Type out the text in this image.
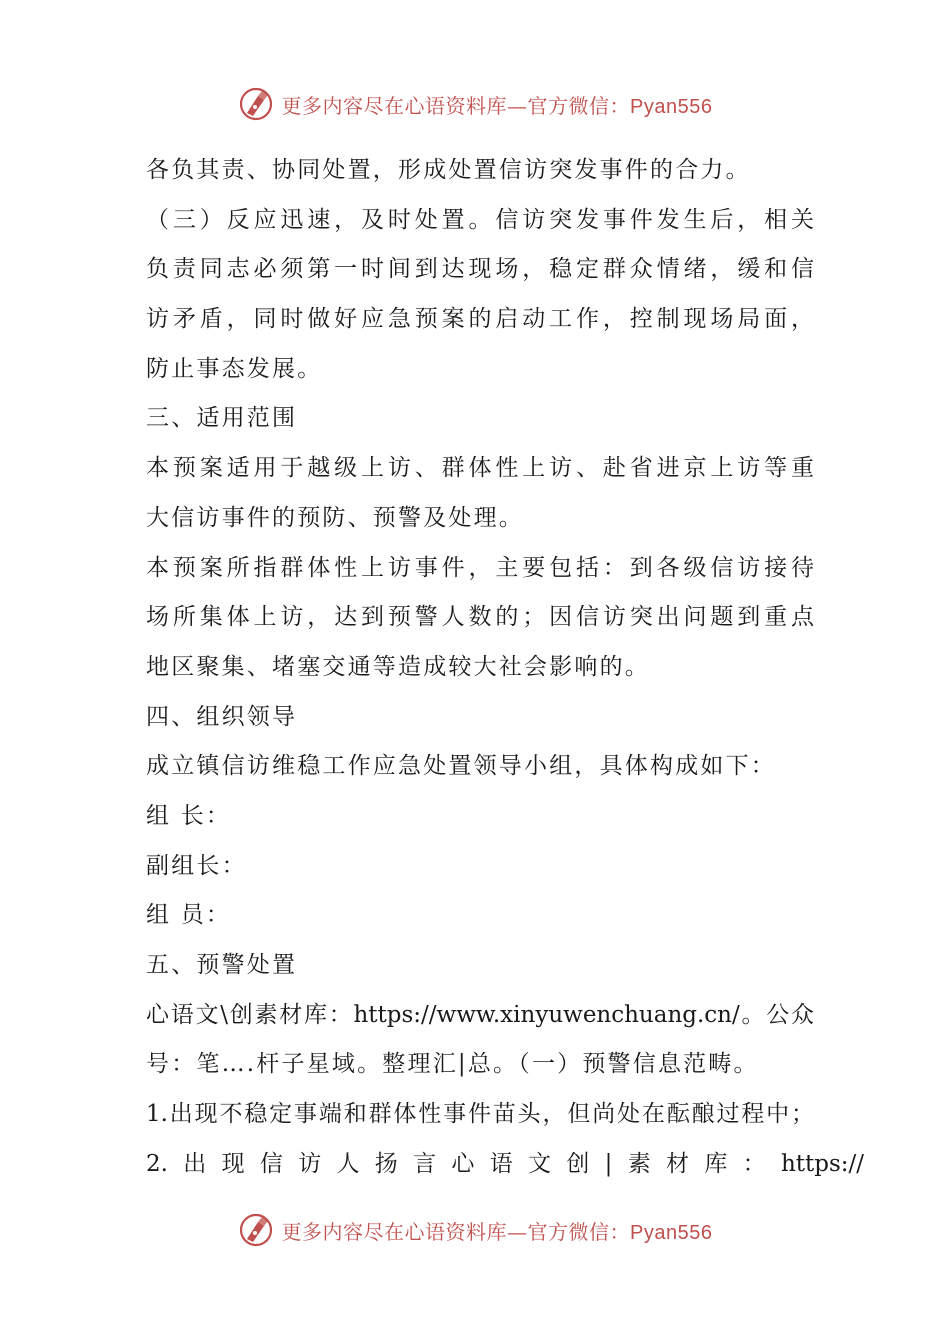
更多内容尽在心语资料库—官方微信：Pyan556
各负其责、协同处置，形成处置信访突发事件的合力。
（三）反应迅速，及时处置。信访突发事件发生后，相关
负责同志必须第一时间到达现场，稳定群众情绪，缓和信
访矛盾，同时做好应急预案的启动工作，控制现场局面，
防止事态发展。
三、适用范围
本预案适用于越级上访、群体性上访、赴省进京上访等重
大信访事件的预防、预警及处理。
本预案所指群体性上访事件，主要包括：到各级信访接待
场所集体上访，达到预警人数的；因信访突出问题到重点
地区聚集、堵塞交通等造成较大社会影响的。
四、组织领导
成立镇信访维稳工作应急处置领导小组，具体构成如下：
组 长：
副组长：
组 员：
五、预警处置
心语文\创素材库：https://www.xinyuwenchuang.cn/。公众
号：笔….杆子星域。整理汇|总。（一）预警信息范畴。
1.出现不稳定事端和群体性事件苗头，但尚处在酝酿过程中；
2. 出 现 信 访 人 扬 言 心 语 文 创 | 素 材 库 ： https://
更多内容尽在心语资料库—官方微信：Pyan556
